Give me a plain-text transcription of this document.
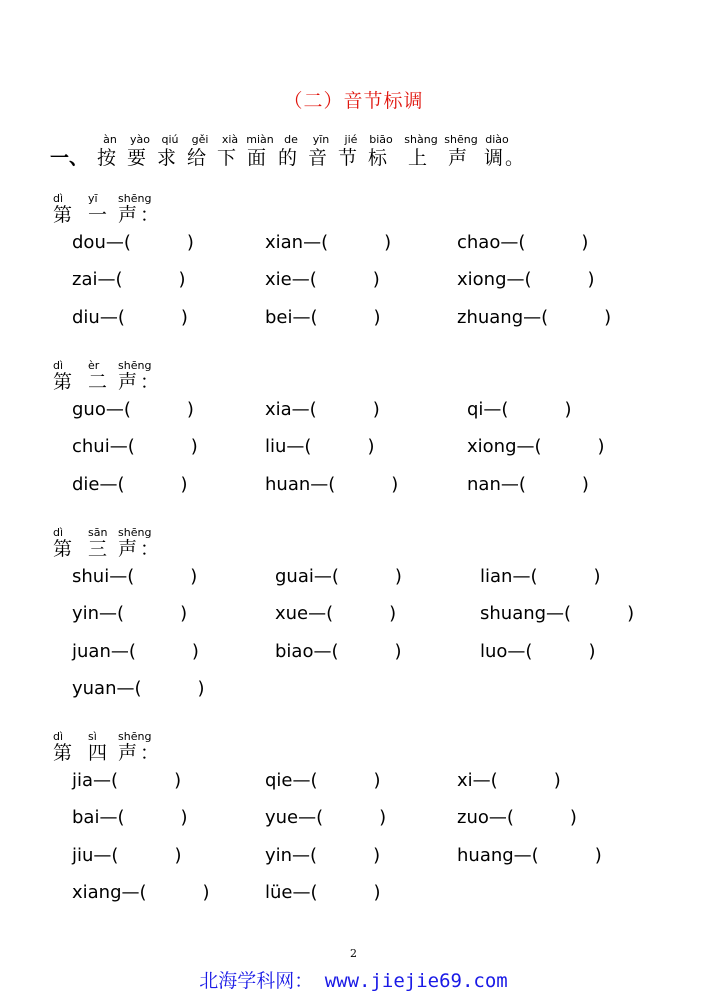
（二）音节标调
2
北海学科网： www.jiejie69.com
一、
àn
按
yào
要
qiú
求
gěi
给
xià
下
miàn
面
de
的
yīn
音
jié
节
biāo
标
shàng
上
shēng
声
diào
调 。
dì
第
yī
一
shēng
声 ：
dou—(　　	)	xian—(　　	)	chao—(　　	)
zai—(　　	)	xie—(　　	)	xiong—(　　	)
diu—(　　	)	bei—(　　	)	zhuang—(　　	)
dì
第
èr
二
shēng
声 ：
guo—(　　	)	xia—(　　	)	qi—(　　	)
chui—(　　	)	liu—(　　	)	xiong—(　　	)
die—(　　	)	huan—(　　	)	nan—(　　	)
dì
第
sān
三
shēng
声 ：
shui—(　　	)	guai—(　　	)	lian—(　　	)
yin—(　　	)	xue—(　　	)	shuang—(　　	)
juan—(　　	)	biao—(　　	)	luo—(　　	)
yuan—(　　	)
dì
第
sì
四
shēng
声 ：
jia—(　　	)	qie—(　　	)	xi—(　　	)
bai—(　　	)	yue—(　　	)	zuo—(　　	)
jiu—(　　	)	yin—(　　	)	huang—(　　	)
xiang—(　　	)	lüe—(　　	)
